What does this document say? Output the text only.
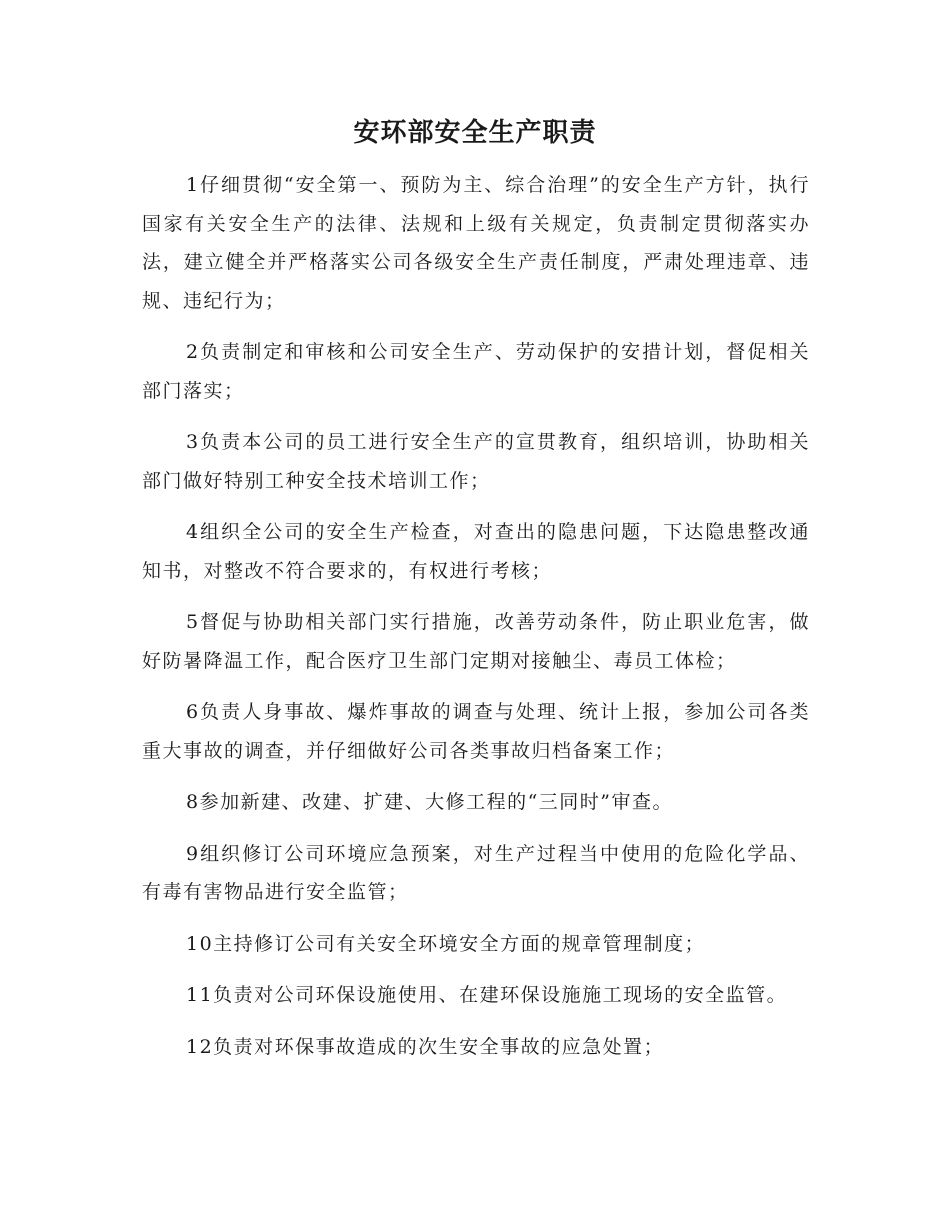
安环部安全生产职责

1仔细贯彻“安全第一、预防为主、综合治理”的安全生产方针，执行国家有关安全生产的法律、法规和上级有关规定，负责制定贯彻落实办法，建立健全并严格落实公司各级安全生产责任制度，严肃处理违章、违规、违纪行为；

2负责制定和审核和公司安全生产、劳动保护的安措计划，督促相关部门落实；

3负责本公司的员工进行安全生产的宣贯教育，组织培训，协助相关部门做好特别工种安全技术培训工作；

4组织全公司的安全生产检查，对查出的隐患问题，下达隐患整改通知书，对整改不符合要求的，有权进行考核；

5督促与协助相关部门实行措施，改善劳动条件，防止职业危害，做好防暑降温工作，配合医疗卫生部门定期对接触尘、毒员工体检；

6负责人身事故、爆炸事故的调查与处理、统计上报，参加公司各类重大事故的调查，并仔细做好公司各类事故归档备案工作；

8参加新建、改建、扩建、大修工程的“三同时”审查。

9组织修订公司环境应急预案，对生产过程当中使用的危险化学品、有毒有害物品进行安全监管；

10主持修订公司有关安全环境安全方面的规章管理制度；

11负责对公司环保设施使用、在建环保设施施工现场的安全监管。

12负责对环保事故造成的次生安全事故的应急处置；
